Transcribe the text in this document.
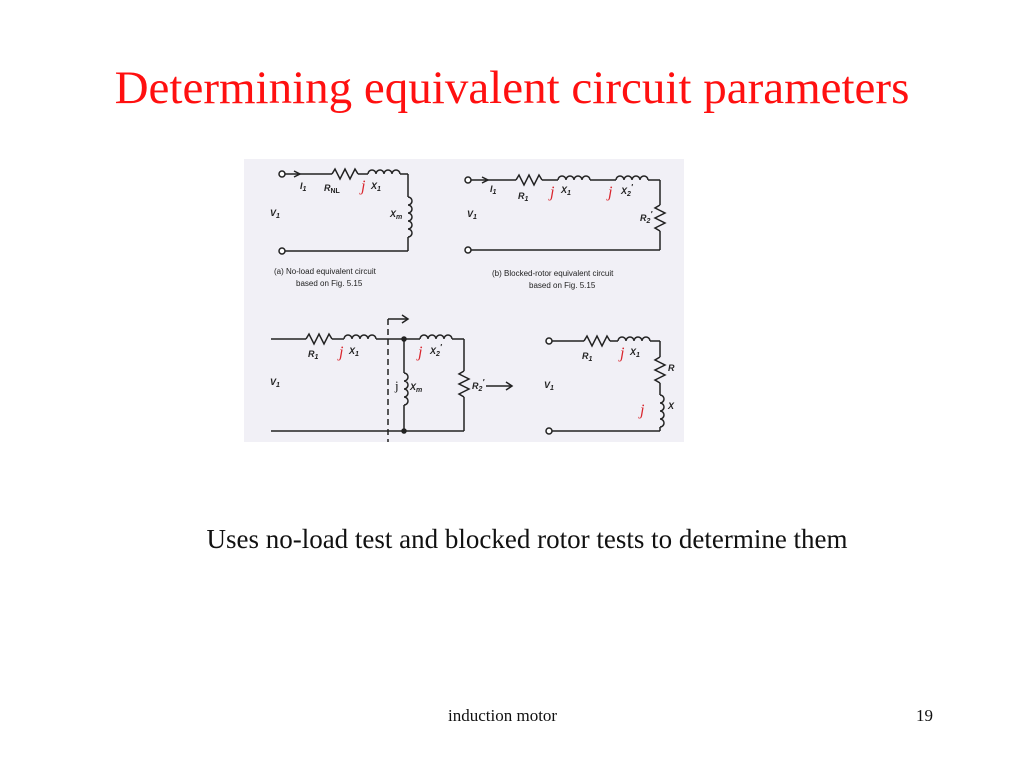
Determining equivalent circuit parameters
$I_1$ $R_{NL}$ j $X_1$
$V_1$	$X_m$
(a) No-load equivalent circuit
based on Fig. 5.15
$I_1$ $R_1$ j $X_1$ j $X_2'$
$R_2'$
$V_1$
(b) Blocked-rotor equivalent circuit
based on Fig. 5.15
$R_1$ j $X_1$	j $X_2'$
$V_1$	j $X_m$	$R_2'$
$R_1$ j $X_1$
R
j	X
$V_1$
Uses no-load test and blocked rotor tests to determine them
induction motor	19
